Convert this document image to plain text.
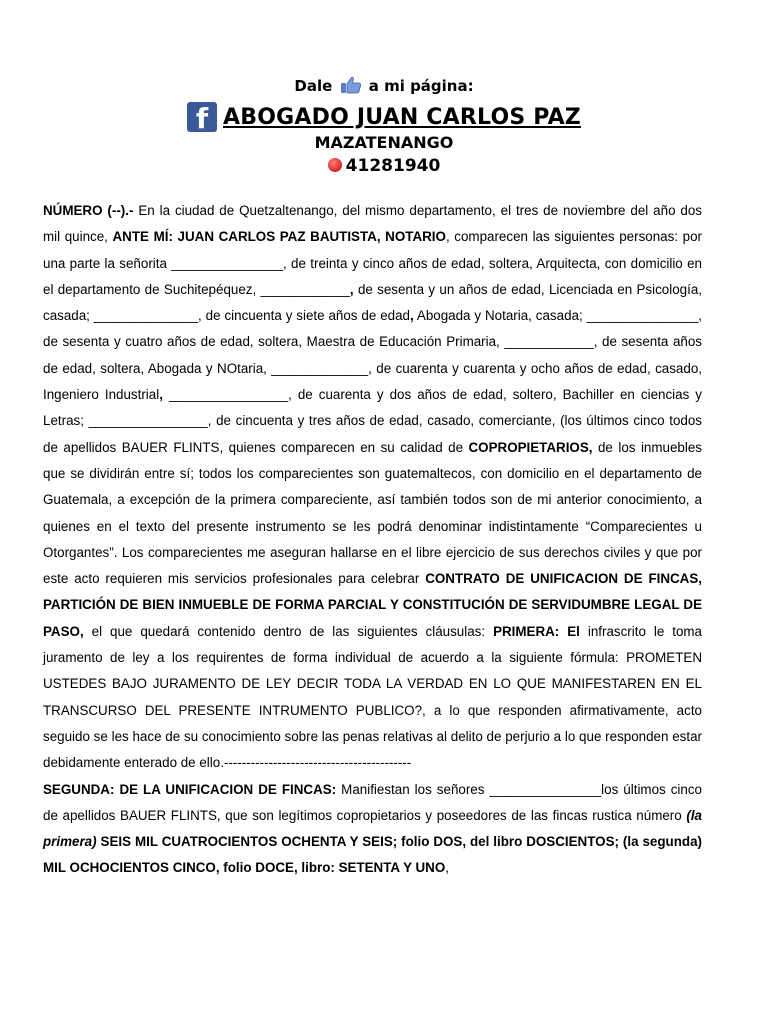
Dale a mi página:
f ABOGADO JUAN CARLOS PAZ
MAZATENANGO
41281940
NÚMERO (--).- En la ciudad de Quetzaltenango, del mismo departamento, el tres de noviembre del año dos mil quince, ANTE MÍ: JUAN CARLOS PAZ BAUTISTA, NOTARIO, comparecen las siguientes personas: por una parte la señorita _______________, de treinta y cinco años de edad, soltera, Arquitecta, con domicilio en el departamento de Suchitepéquez, ____________, de sesenta y un años de edad, Licenciada en Psicología, casada; ______________, de cincuenta y siete años de edad, Abogada y Notaria, casada; _______________, de sesenta y cuatro años de edad, soltera, Maestra de Educación Primaria, ____________, de sesenta años de edad, soltera, Abogada y NOtaria, _____________, de cuarenta y cuarenta y ocho años de edad, casado, Ingeniero Industrial, ________________, de cuarenta y dos años de edad, soltero, Bachiller en ciencias y Letras; ________________, de cincuenta y tres años de edad, casado, comerciante, (los últimos cinco todos de apellidos BAUER FLINTS, quienes comparecen en su calidad de COPROPIETARIOS, de los inmuebles que se dividirán entre sí; todos los comparecientes son guatemaltecos, con domicilio en el departamento de Guatemala, a excepción de la primera compareciente, así también todos son de mi anterior conocimiento, a quienes en el texto del presente instrumento se les podrá denominar indistintamente “Comparecientes u Otorgantes”. Los comparecientes me aseguran hallarse en el libre ejercicio de sus derechos civiles y que por este acto requieren mis servicios profesionales para celebrar CONTRATO DE UNIFICACION DE FINCAS, PARTICIÓN DE BIEN INMUEBLE DE FORMA PARCIAL Y CONSTITUCIÓN DE SERVIDUMBRE LEGAL DE PASO, el que quedará contenido dentro de las siguientes cláusulas: PRIMERA: El infrascrito le toma juramento de ley a los requirentes de forma individual de acuerdo a la siguiente fórmula: PROMETEN USTEDES BAJO JURAMENTO DE LEY DECIR TODA LA VERDAD EN LO QUE MANIFESTAREN EN EL TRANSCURSO DEL PRESENTE INTRUMENTO PUBLICO?, a lo que responden afirmativamente, acto seguido se les hace de su conocimiento sobre las penas relativas al delito de perjurio a lo que responden estar debidamente enterado de ello.------------------------------------------
SEGUNDA: DE LA UNIFICACION DE FINCAS: Manifiestan los señores _______________los últimos cinco de apellidos BAUER FLINTS, que son legítimos copropietarios y poseedores de las fincas rustica número (la primera) SEIS MIL CUATROCIENTOS OCHENTA Y SEIS; folio DOS, del libro DOSCIENTOS; (la segunda) MIL OCHOCIENTOS CINCO, folio DOCE, libro: SETENTA Y UNO,
